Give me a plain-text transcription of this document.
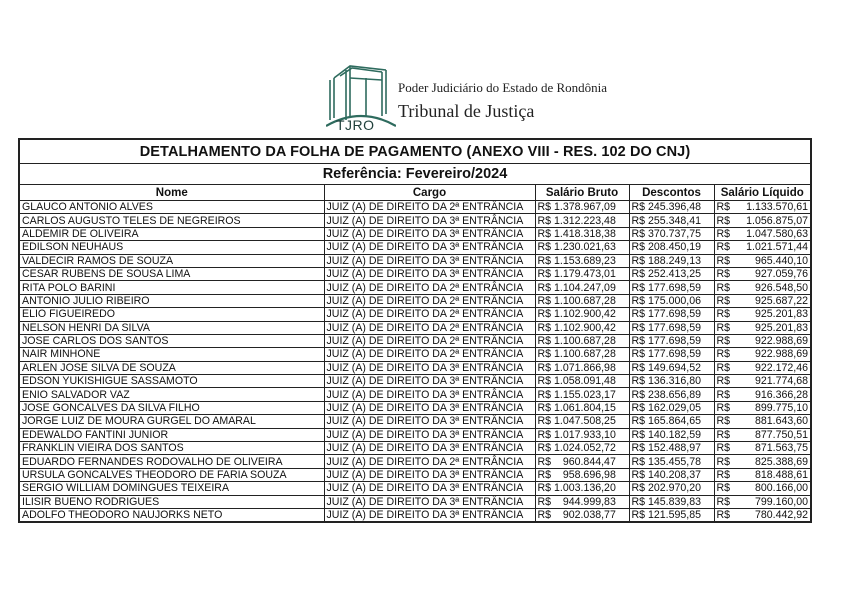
TJRO
Poder Judiciário do Estado de Rondônia
Tribunal de Justiça
DETALHAMENTO DA FOLHA DE PAGAMENTO (ANEXO VIII - RES. 102 DO CNJ)				
Referência: Fevereiro/2024				
Nome	Cargo	Salário Bruto	Descontos	Salário Líquido
GLAUCO ANTONIO ALVES	JUIZ (A) DE DIREITO DA 2ª ENTRÂNCIA	R$ 1.378.967,09	R$ 245.396,48	R$ 1.133.570,61

CARLOS AUGUSTO TELES DE NEGREIROS	JUIZ (A) DE DIREITO DA 3ª ENTRÂNCIA	R$ 1.312.223,48	R$ 255.348,41	R$ 1.056.875,07

ALDEMIR DE OLIVEIRA	JUIZ (A) DE DIREITO DA 3ª ENTRÂNCIA	R$ 1.418.318,38	R$ 370.737,75	R$ 1.047.580,63

EDILSON NEUHAUS	JUIZ (A) DE DIREITO DA 3ª ENTRÂNCIA	R$ 1.230.021,63	R$ 208.450,19	R$ 1.021.571,44

VALDECIR RAMOS DE SOUZA	JUIZ (A) DE DIREITO DA 3ª ENTRÂNCIA	R$ 1.153.689,23	R$ 188.249,13	R$ 965.440,10

CESAR RUBENS DE SOUSA LIMA	JUIZ (A) DE DIREITO DA 3ª ENTRÂNCIA	R$ 1.179.473,01	R$ 252.413,25	R$ 927.059,76

RITA POLO BARINI	JUIZ (A) DE DIREITO DA 2ª ENTRÂNCIA	R$ 1.104.247,09	R$ 177.698,59	R$ 926.548,50

ANTONIO JULIO RIBEIRO	JUIZ (A) DE DIREITO DA 2ª ENTRÂNCIA	R$ 1.100.687,28	R$ 175.000,06	R$ 925.687,22

ELIO FIGUEIREDO	JUIZ (A) DE DIREITO DA 2ª ENTRÂNCIA	R$ 1.102.900,42	R$ 177.698,59	R$ 925.201,83

NELSON HENRI DA SILVA	JUIZ (A) DE DIREITO DA 2ª ENTRÂNCIA	R$ 1.102.900,42	R$ 177.698,59	R$ 925.201,83

JOSE CARLOS DOS SANTOS	JUIZ (A) DE DIREITO DA 2ª ENTRÂNCIA	R$ 1.100.687,28	R$ 177.698,59	R$ 922.988,69

NAIR MINHONE	JUIZ (A) DE DIREITO DA 2ª ENTRÂNCIA	R$ 1.100.687,28	R$ 177.698,59	R$ 922.988,69

ARLEN JOSE SILVA DE SOUZA	JUIZ (A) DE DIREITO DA 3ª ENTRÂNCIA	R$ 1.071.866,98	R$ 149.694,52	R$ 922.172,46

EDSON YUKISHIGUE SASSAMOTO	JUIZ (A) DE DIREITO DA 3ª ENTRÂNCIA	R$ 1.058.091,48	R$ 136.316,80	R$ 921.774,68

ENIO SALVADOR VAZ	JUIZ (A) DE DIREITO DA 3ª ENTRÂNCIA	R$ 1.155.023,17	R$ 238.656,89	R$ 916.366,28

JOSE GONCALVES DA SILVA FILHO	JUIZ (A) DE DIREITO DA 3ª ENTRÂNCIA	R$ 1.061.804,15	R$ 162.029,05	R$ 899.775,10

JORGE LUIZ DE MOURA GURGEL DO AMARAL	JUIZ (A) DE DIREITO DA 3ª ENTRÂNCIA	R$ 1.047.508,25	R$ 165.864,65	R$ 881.643,60

EDEWALDO FANTINI JUNIOR	JUIZ (A) DE DIREITO DA 3ª ENTRÂNCIA	R$ 1.017.933,10	R$ 140.182,59	R$ 877.750,51

FRANKLIN VIEIRA DOS SANTOS	JUIZ (A) DE DIREITO DA 3ª ENTRÂNCIA	R$ 1.024.052,72	R$ 152.488,97	R$ 871.563,75

EDUARDO FERNANDES RODOVALHO DE OLIVEIRA	JUIZ (A) DE DIREITO DA 2ª ENTRÂNCIA	R$    960.844,47	R$ 135.455,78	R$ 825.388,69

URSULA GONCALVES THEODORO DE FARIA SOUZA	JUIZ (A) DE DIREITO DA 3ª ENTRÂNCIA	R$    958.696,98	R$ 140.208,37	R$ 818.488,61

SERGIO WILLIAM DOMINGUES TEIXEIRA	JUIZ (A) DE DIREITO DA 3ª ENTRÂNCIA	R$ 1.003.136,20	R$ 202.970,20	R$ 800.166,00

ILISIR BUENO RODRIGUES	JUIZ (A) DE DIREITO DA 3ª ENTRÂNCIA	R$    944.999,83	R$ 145.839,83	R$ 799.160,00

ADOLFO THEODORO NAUJORKS NETO	JUIZ (A) DE DIREITO DA 3ª ENTRÂNCIA	R$    902.038,77	R$ 121.595,85	R$ 780.442,92
